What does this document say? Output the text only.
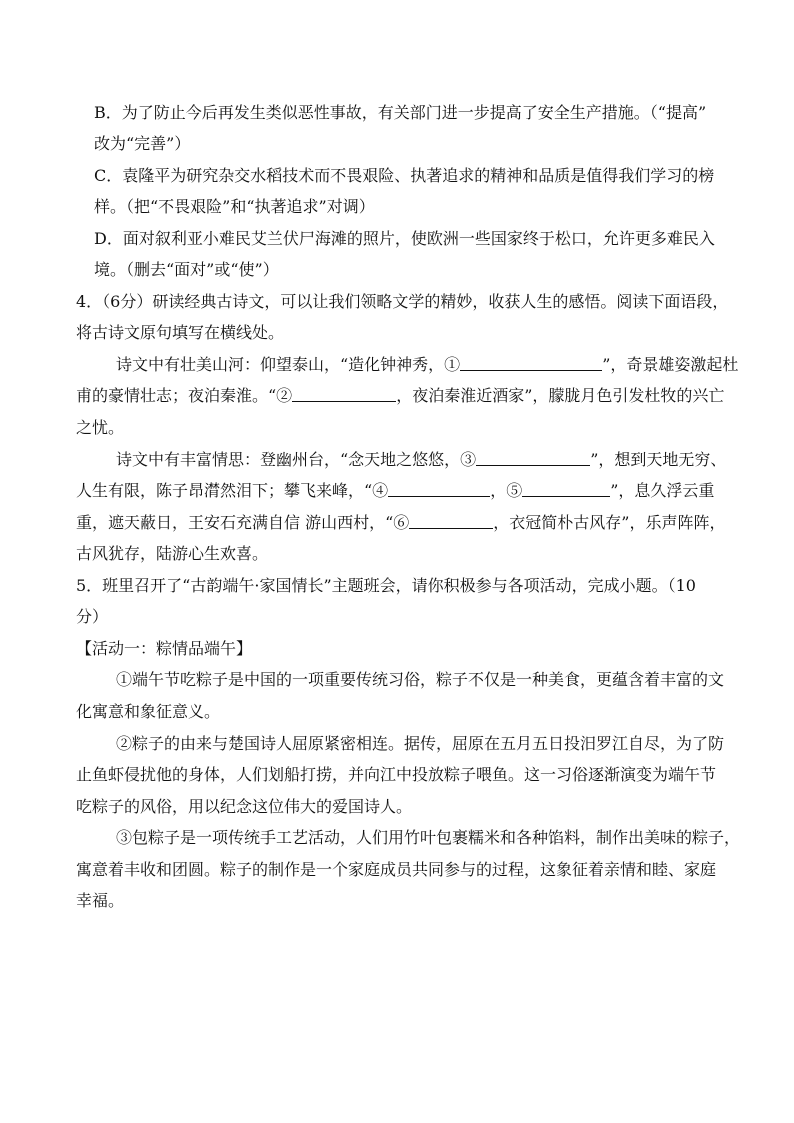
B．为了防止今后再发生类似恶性事故，有关部门进一步提高了安全生产措施。（“提高”
改为“完善”）
C．袁隆平为研究杂交水稻技术而不畏艰险、执著追求的精神和品质是值得我们学习的榜
样。（把“不畏艰险”和“执著追求”对调）
D．面对叙利亚小难民艾兰伏尸海滩的照片，使欧洲一些国家终于松口，允许更多难民入
境。（删去“面对”或“使”）
4．（6分）研读经典古诗文，可以让我们领略文学的精妙，收获人生的感悟。阅读下面语段，
将古诗文原句填写在横线处。
诗文中有壮美山河：仰望泰山，“造化钟神秀，①	”，奇景雄姿激起杜
甫的豪情壮志；夜泊秦淮。“②	，夜泊秦淮近酒家”，朦胧月色引发杜牧的兴亡
之忧。
诗文中有丰富情思：登幽州台，“念天地之悠悠，③	”，想到天地无穷、
人生有限，陈子昂潸然泪下；攀飞来峰，“④	，⑤	”，息久浮云重
重，遮天蔽日，王安石充满自信 游山西村，“⑥	，衣冠简朴古风存”，乐声阵阵，
古风犹存，陆游心生欢喜。
5．班里召开了“古韵端午·家国情长”主题班会，请你积极参与各项活动，完成小题。（10
分）
【活动一：粽情品端午】
①端午节吃粽子是中国的一项重要传统习俗，粽子不仅是一种美食，更蕴含着丰富的文
化寓意和象征意义。
②粽子的由来与楚国诗人屈原紧密相连。据传，屈原在五月五日投汨罗江自尽，为了防
止鱼虾侵扰他的身体，人们划船打捞，并向江中投放粽子喂鱼。这一习俗逐渐演变为端午节
吃粽子的风俗，用以纪念这位伟大的爱国诗人。
③包粽子是一项传统手工艺活动，人们用竹叶包裹糯米和各种馅料，制作出美味的粽子，
寓意着丰收和团圆。粽子的制作是一个家庭成员共同参与的过程，这象征着亲情和睦、家庭
幸福。
